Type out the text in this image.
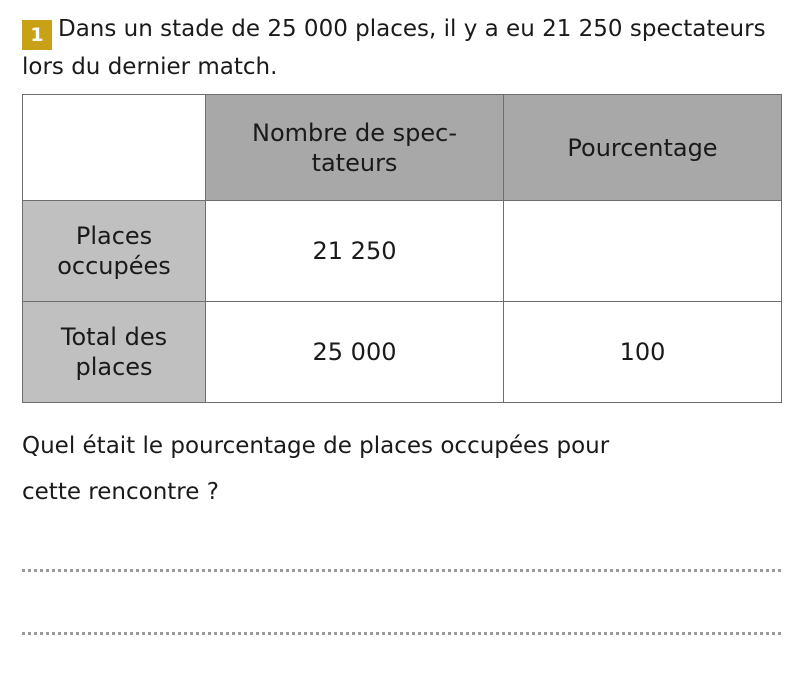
1 Dans un stade de 25 000 places, il y a eu 21 250 spectateurs lors du dernier match.

	Nombre de spec-tateurs	Pourcentage
Places occupées	21 250	
Total des places	25 000	100
Quel était le pourcentage de places occupées pour
cette rencontre ?
